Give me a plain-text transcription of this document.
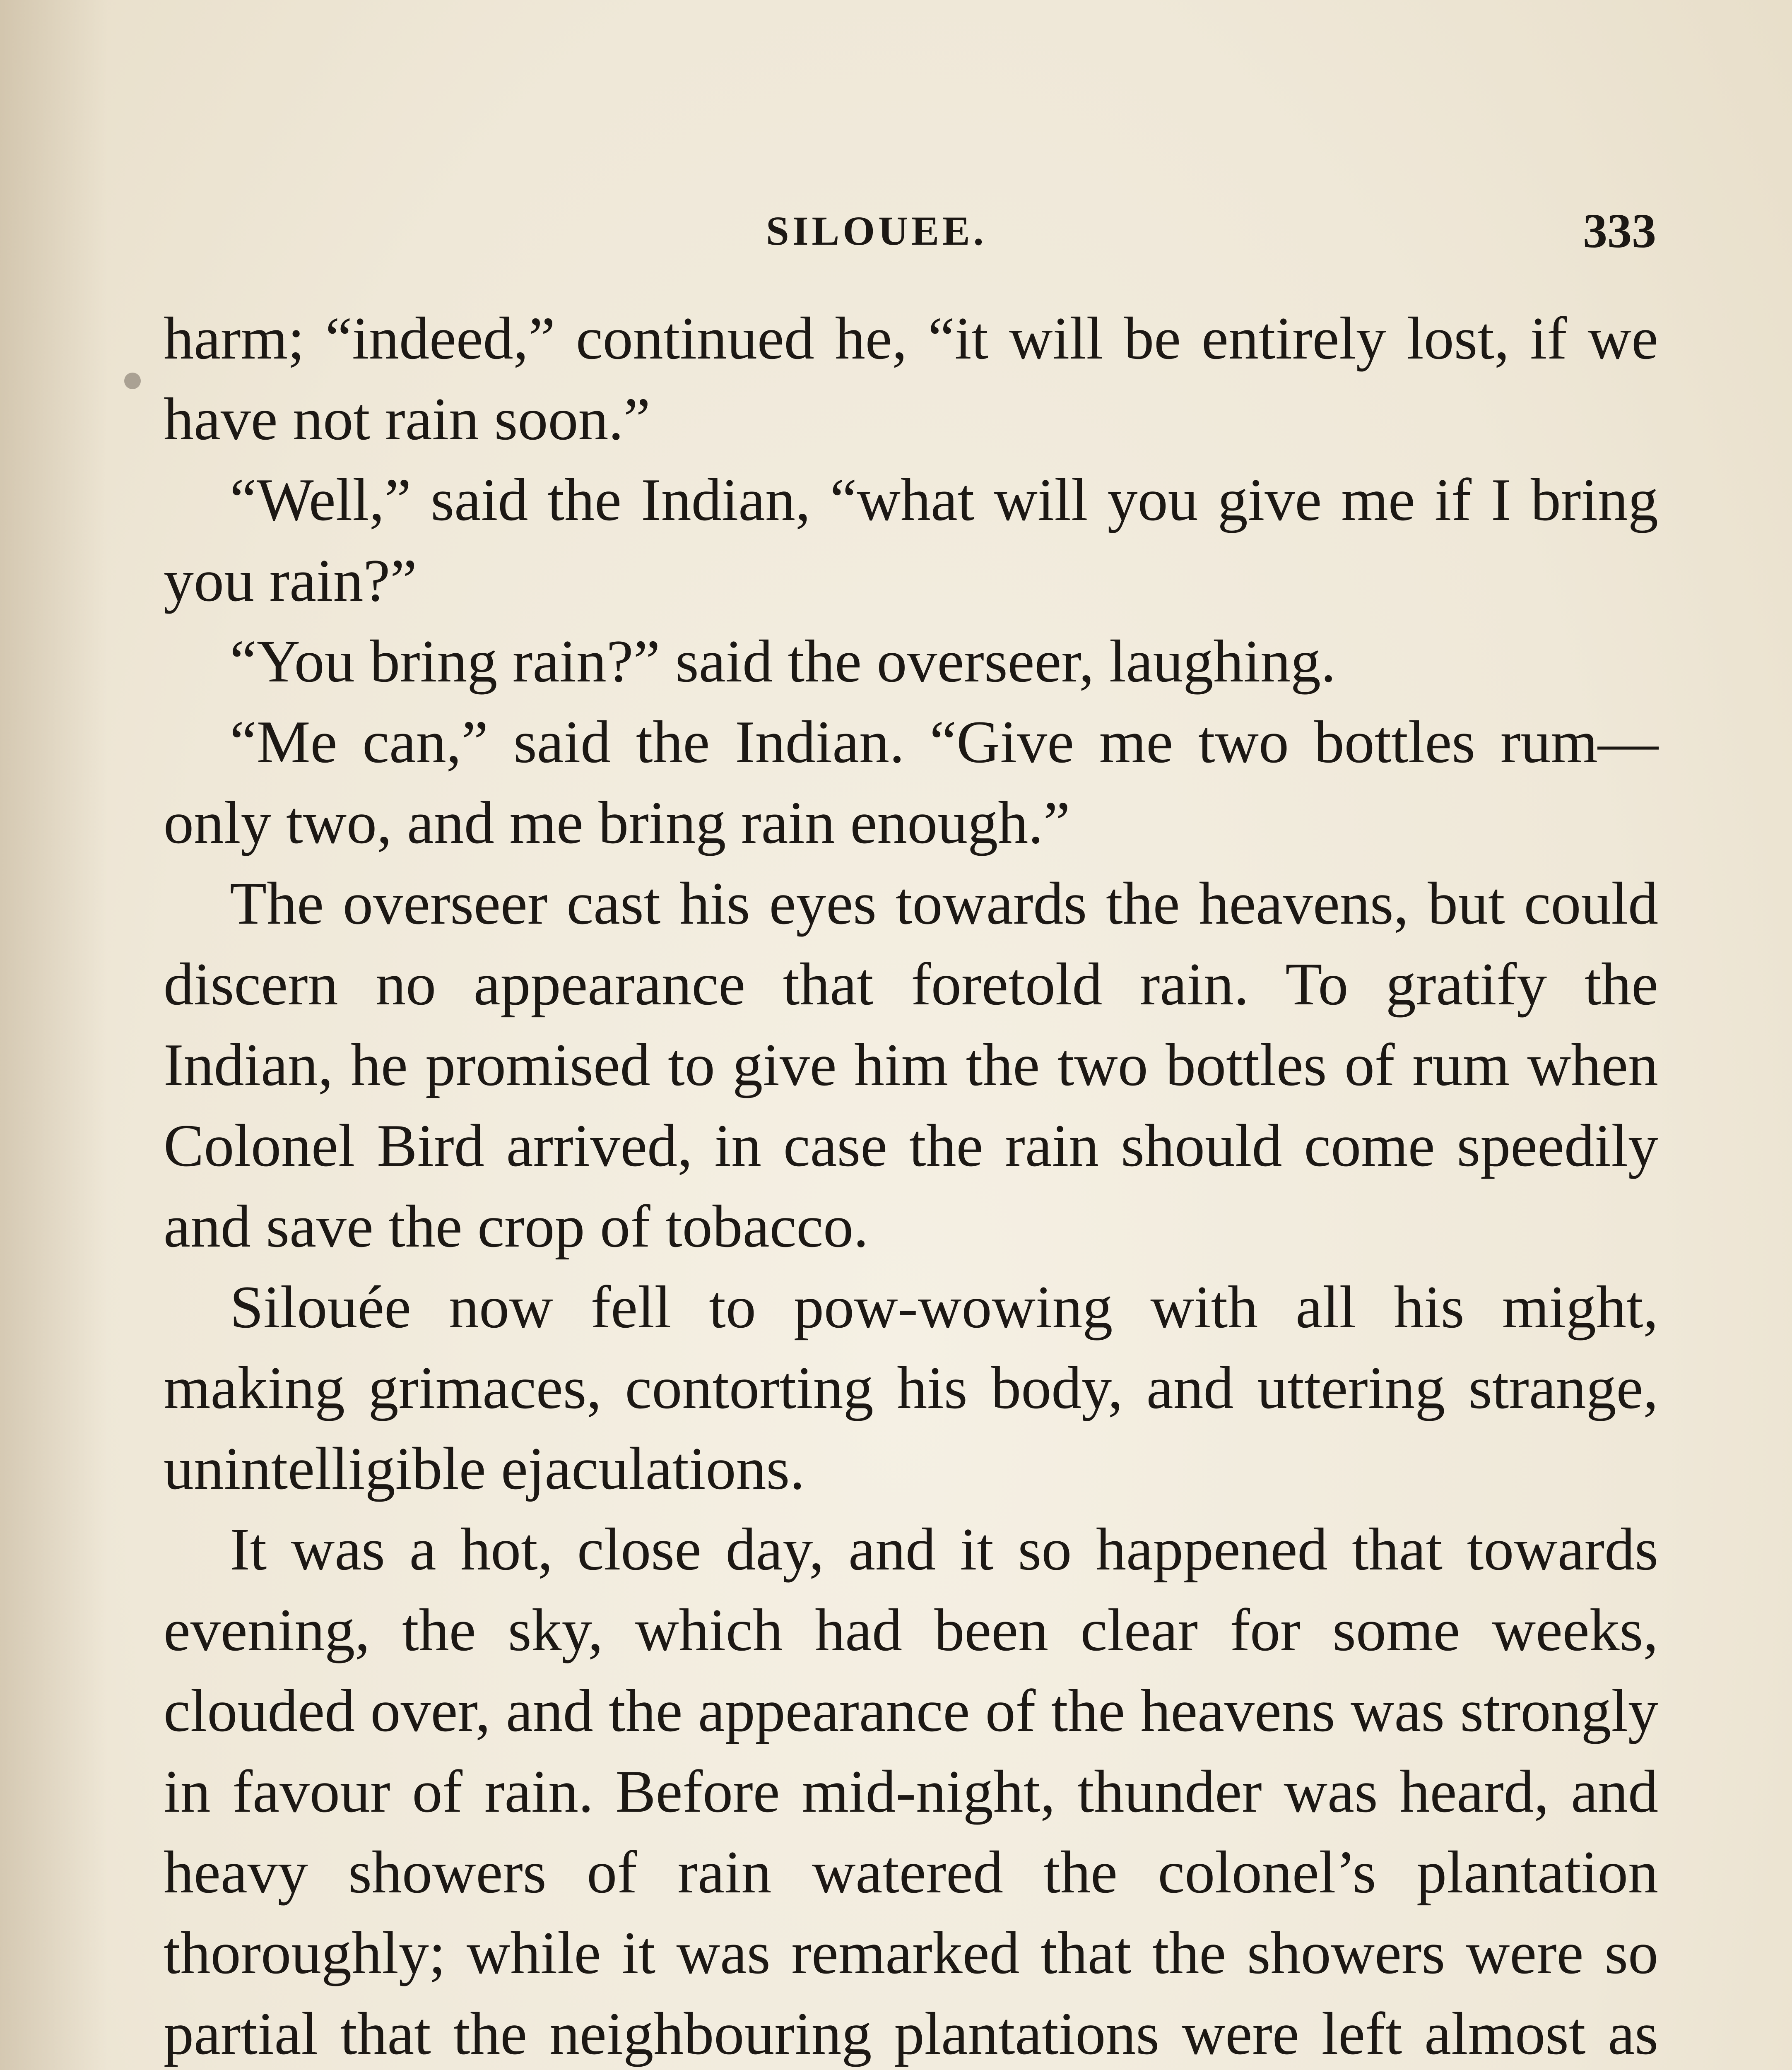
SILOUEE.	333

harm; “indeed,” continued he, “it will be entirely lost, if we have not rain soon.”

“Well,” said the Indian, “what will you give me if I bring you rain?”

“You bring rain?” said the overseer, laughing.

“Me can,” said the Indian. “Give me two bottles rum—only two, and me bring rain enough.”

The overseer cast his eyes towards the heavens, but could discern no appearance that foretold rain. To gratify the Indian, he promised to give him the two bottles of rum when Colonel Bird arrived, in case the rain should come speedily and save the crop of tobacco.

Silouée now fell to pow-wowing with all his might, making grimaces, contorting his body, and uttering strange, unintelligible ejaculations.

It was a hot, close day, and it so happened that towards evening, the sky, which had been clear for some weeks, clouded over, and the appearance of the heavens was strongly in favour of rain. Before mid-night, thunder was heard, and heavy showers of rain watered the colonel’s plantation thoroughly; while it was remarked that the showers were so partial that the neighbouring plantations were left almost as
